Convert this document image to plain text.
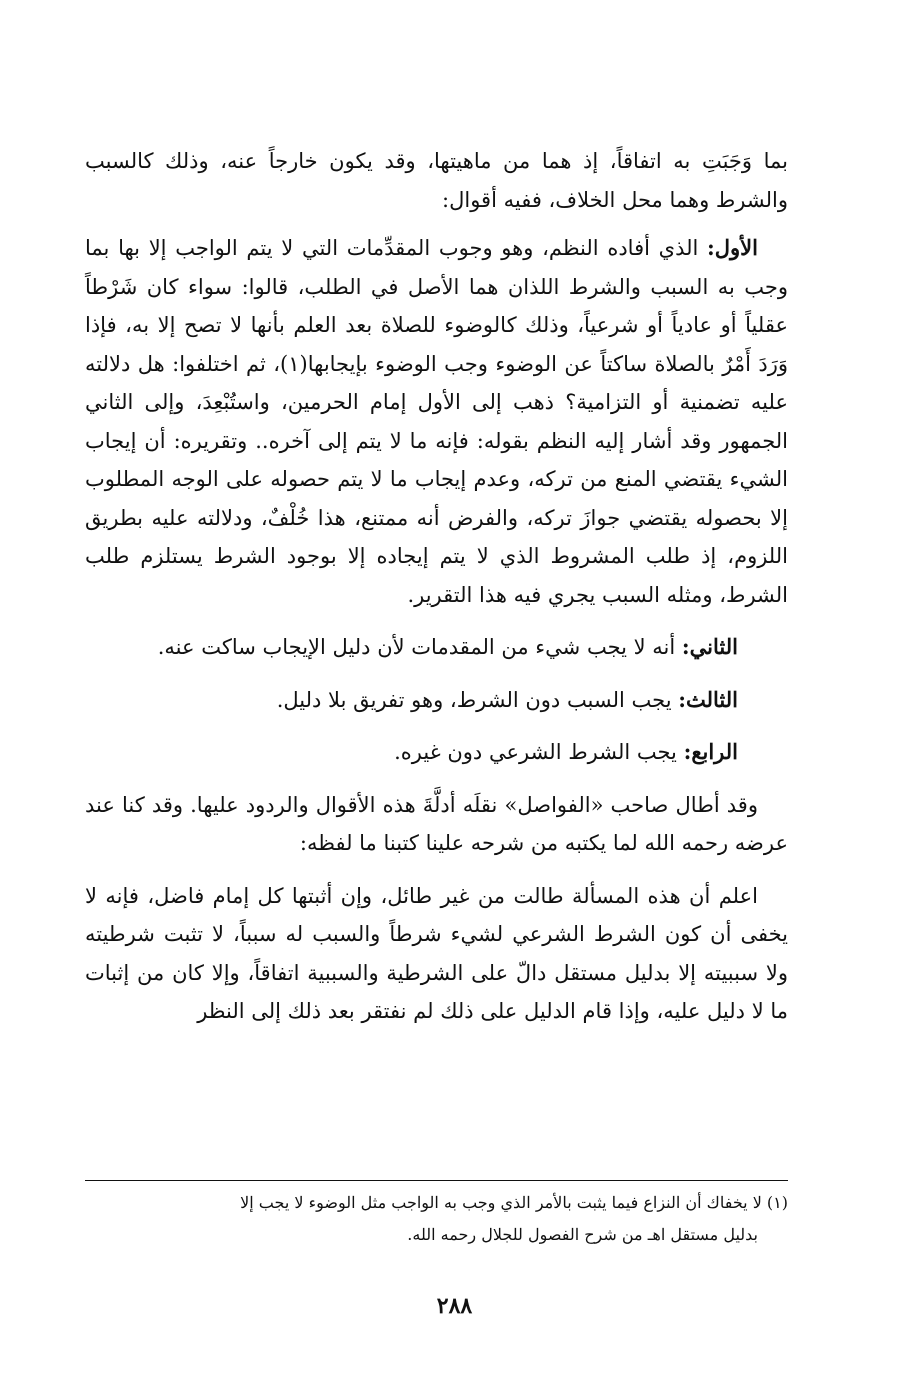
بما وَجَبَتِ به اتفاقاً، إذ هما من ماهيتها، وقد يكون خارجاً عنه، وذلك كالسبب والشرط وهما محل الخلاف، ففيه أقوال:

الأول: الذي أفاده النظم، وهو وجوب المقدِّمات التي لا يتم الواجب إلا بها بما وجب به السبب والشرط اللذان هما الأصل في الطلب، قالوا: سواء كان شَرْطاً عقلياً أو عادياً أو شرعياً، وذلك كالوضوء للصلاة بعد العلم بأنها لا تصح إلا به، فإذا وَرَدَ أَمْرٌ بالصلاة ساكتاً عن الوضوء وجب الوضوء بإيجابها(١)، ثم اختلفوا: هل دلالته عليه تضمنية أو التزامية؟ ذهب إلى الأول إمام الحرمين، واستُبْعِدَ، وإلى الثاني الجمهور وقد أشار إليه النظم بقوله: فإنه ما لا يتم إلى آخره.. وتقريره: أن إيجاب الشيء يقتضي المنع من تركه، وعدم إيجاب ما لا يتم حصوله على الوجه المطلوب إلا بحصوله يقتضي جوازَ تركه، والفرض أنه ممتنع، هذا خُلْفٌ، ودلالته عليه بطريق اللزوم، إذ طلب المشروط الذي لا يتم إيجاده إلا بوجود الشرط يستلزم طلب الشرط، ومثله السبب يجري فيه هذا التقرير.

الثاني: أنه لا يجب شيء من المقدمات لأن دليل الإيجاب ساكت عنه.

الثالث: يجب السبب دون الشرط، وهو تفريق بلا دليل.

الرابع: يجب الشرط الشرعي دون غيره.

وقد أطال صاحب «الفواصل» نقلَه أدلَّةَ هذه الأقوال والردود عليها. وقد كنا عند عرضه رحمه الله لما يكتبه من شرحه علينا كتبنا ما لفظه:

اعلم أن هذه المسألة طالت من غير طائل، وإن أثبتها كل إمام فاضل، فإنه لا يخفى أن كون الشرط الشرعي لشيء شرطاً والسبب له سبباً، لا تثبت شرطيته ولا سببيته إلا بدليل مستقل دالّ على الشرطية والسببية اتفاقاً، وإلا كان من إثبات ما لا دليل عليه، وإذا قام الدليل على ذلك لم نفتقر بعد ذلك إلى النظر

(١) لا يخفاك أن النزاع فيما يثبت بالأمر الذي وجب به الواجب مثل الوضوء لا يجب إلا
بدليل مستقل اهـ من شرح الفصول للجلال رحمه الله.
٢٨٨
